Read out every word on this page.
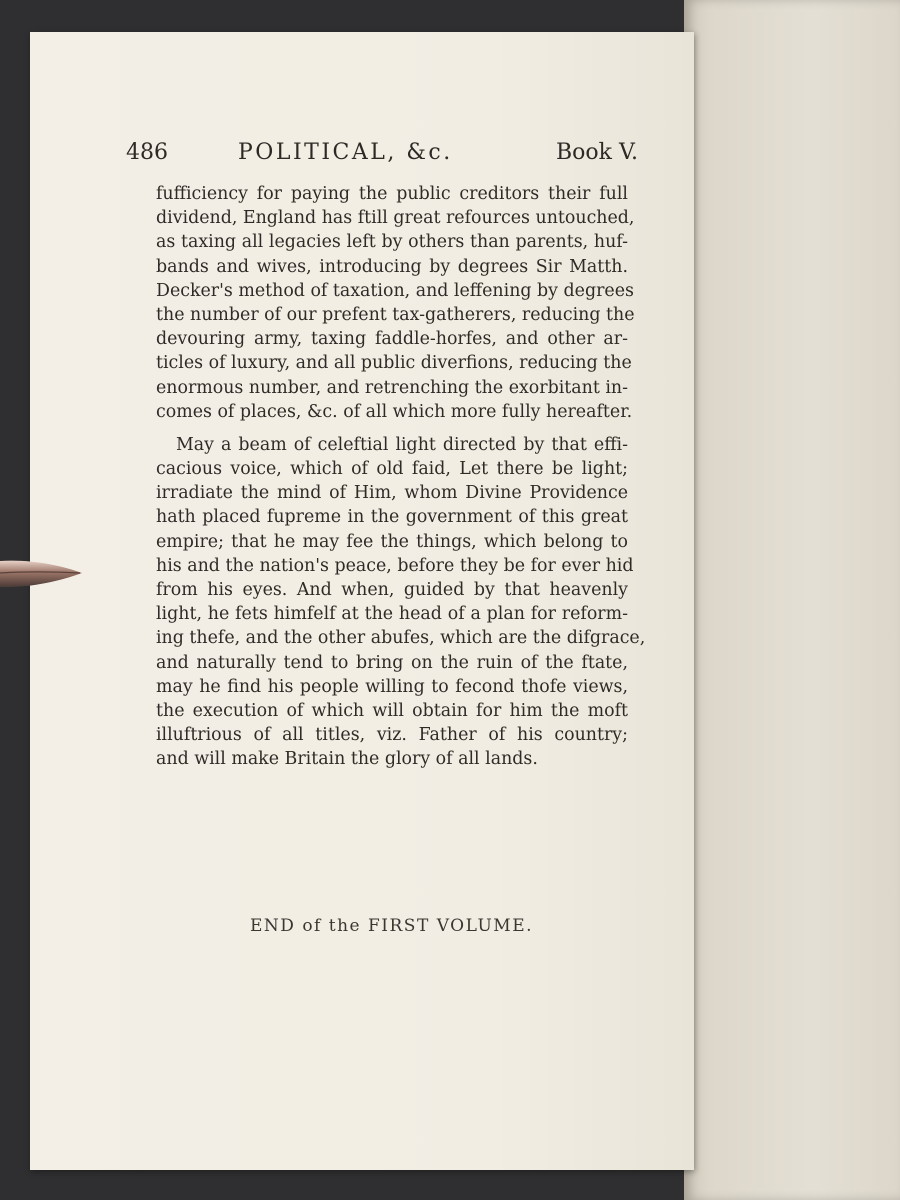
486	POLITICAL, &c.	Book V.
fufficiency for paying the public creditors their full
dividend, England has ftill great refources untouched,
as taxing all legacies left by others than parents, huf-
bands and wives, introducing by degrees Sir Matth.
Decker's method of taxation, and leffening by degrees
the number of our prefent tax-gatherers, reducing the
devouring army, taxing faddle-horfes, and other ar-
ticles of luxury, and all public diverfions, reducing the
enormous number, and retrenching the exorbitant in-
comes of places, &c. of all which more fully hereafter.
May a beam of celeftial light directed by that effi-
cacious voice, which of old faid, Let there be light;
irradiate the mind of Him, whom Divine Providence
hath placed fupreme in the government of this great
empire; that he may fee the things, which belong to
his and the nation's peace, before they be for ever hid
from his eyes. And when, guided by that heavenly
light, he fets himfelf at the head of a plan for reform-
ing thefe, and the other abufes, which are the difgrace,
and naturally tend to bring on the ruin of the ftate,
may he find his people willing to fecond thofe views,
the execution of which will obtain for him the moft
illuftrious of all titles, viz. Father of his country;
and will make Britain the glory of all lands.
END of the FIRST VOLUME.
